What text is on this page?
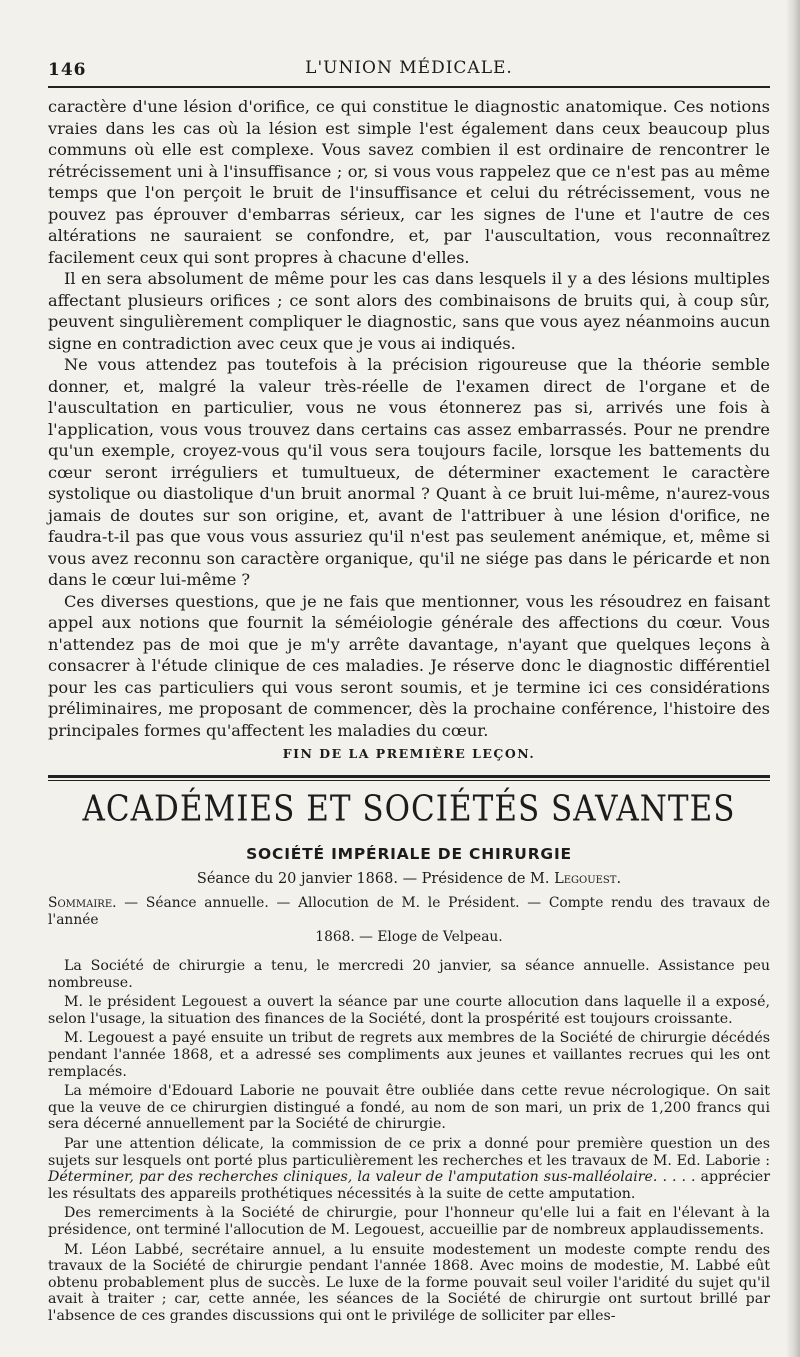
146	L'UNION MÉDICALE.

caractère d'une lésion d'orifice, ce qui constitue le diagnostic anatomique. Ces notions vraies dans les cas où la lésion est simple l'est également dans ceux beaucoup plus communs où elle est complexe. Vous savez combien il est ordinaire de rencontrer le rétrécissement uni à l'insuffisance ; or, si vous vous rappelez que ce n'est pas au même temps que l'on perçoit le bruit de l'insuffisance et celui du rétrécissement, vous ne pouvez pas éprouver d'embarras sérieux, car les signes de l'une et l'autre de ces altérations ne sauraient se confondre, et, par l'auscultation, vous reconnaîtrez facilement ceux qui sont propres à chacune d'elles.

Il en sera absolument de même pour les cas dans lesquels il y a des lésions multiples affectant plusieurs orifices ; ce sont alors des combinaisons de bruits qui, à coup sûr, peuvent singulièrement compliquer le diagnostic, sans que vous ayez néanmoins aucun signe en contradiction avec ceux que je vous ai indiqués.

Ne vous attendez pas toutefois à la précision rigoureuse que la théorie semble donner, et, malgré la valeur très-réelle de l'examen direct de l'organe et de l'auscultation en particulier, vous ne vous étonnerez pas si, arrivés une fois à l'application, vous vous trouvez dans certains cas assez embarrassés. Pour ne prendre qu'un exemple, croyez-vous qu'il vous sera toujours facile, lorsque les battements du cœur seront irréguliers et tumultueux, de déterminer exactement le caractère systolique ou diastolique d'un bruit anormal ? Quant à ce bruit lui-même, n'aurez-vous jamais de doutes sur son origine, et, avant de l'attribuer à une lésion d'orifice, ne faudra-t-il pas que vous vous assuriez qu'il n'est pas seulement anémique, et, même si vous avez reconnu son caractère organique, qu'il ne siége pas dans le péricarde et non dans le cœur lui-même ?

Ces diverses questions, que je ne fais que mentionner, vous les résoudrez en faisant appel aux notions que fournit la séméiologie générale des affections du cœur. Vous n'attendez pas de moi que je m'y arrête davantage, n'ayant que quelques leçons à consacrer à l'étude clinique de ces maladies. Je réserve donc le diagnostic différentiel pour les cas particuliers qui vous seront soumis, et je termine ici ces considérations préliminaires, me proposant de commencer, dès la prochaine conférence, l'histoire des principales formes qu'affectent les maladies du cœur.

FIN DE LA PREMIÈRE LEÇON.
ACADÉMIES ET SOCIÉTÉS SAVANTES
SOCIÉTÉ IMPÉRIALE DE CHIRURGIE
Séance du 20 janvier 1868. — Présidence de M. Legouest.
Sommaire. — Séance annuelle. — Allocution de M. le Président. — Compte rendu des travaux de l'année
1868. — Eloge de Velpeau.

La Société de chirurgie a tenu, le mercredi 20 janvier, sa séance annuelle. Assistance peu nombreuse.

M. le président Legouest a ouvert la séance par une courte allocution dans laquelle il a exposé, selon l'usage, la situation des finances de la Société, dont la prospérité est toujours croissante.

M. Legouest a payé ensuite un tribut de regrets aux membres de la Société de chirurgie décédés pendant l'année 1868, et a adressé ses compliments aux jeunes et vaillantes recrues qui les ont remplacés.

La mémoire d'Edouard Laborie ne pouvait être oubliée dans cette revue nécrologique. On sait que la veuve de ce chirurgien distingué a fondé, au nom de son mari, un prix de 1,200 francs qui sera décerné annuellement par la Société de chirurgie.

Par une attention délicate, la commission de ce prix a donné pour première question un des sujets sur lesquels ont porté plus particulièrement les recherches et les travaux de M. Ed. Laborie : Déterminer, par des recherches cliniques, la valeur de l'amputation sus-malléolaire. . . . . apprécier les résultats des appareils prothétiques nécessités à la suite de cette amputation.

Des remerciments à la Société de chirurgie, pour l'honneur qu'elle lui a fait en l'élevant à la présidence, ont terminé l'allocution de M. Legouest, accueillie par de nombreux applaudissements.

M. Léon Labbé, secrétaire annuel, a lu ensuite modestement un modeste compte rendu des travaux de la Société de chirurgie pendant l'année 1868. Avec moins de modestie, M. Labbé eût obtenu probablement plus de succès. Le luxe de la forme pouvait seul voiler l'aridité du sujet qu'il avait à traiter ; car, cette année, les séances de la Société de chirurgie ont surtout brillé par l'absence de ces grandes discussions qui ont le privilége de solliciter par elles-
